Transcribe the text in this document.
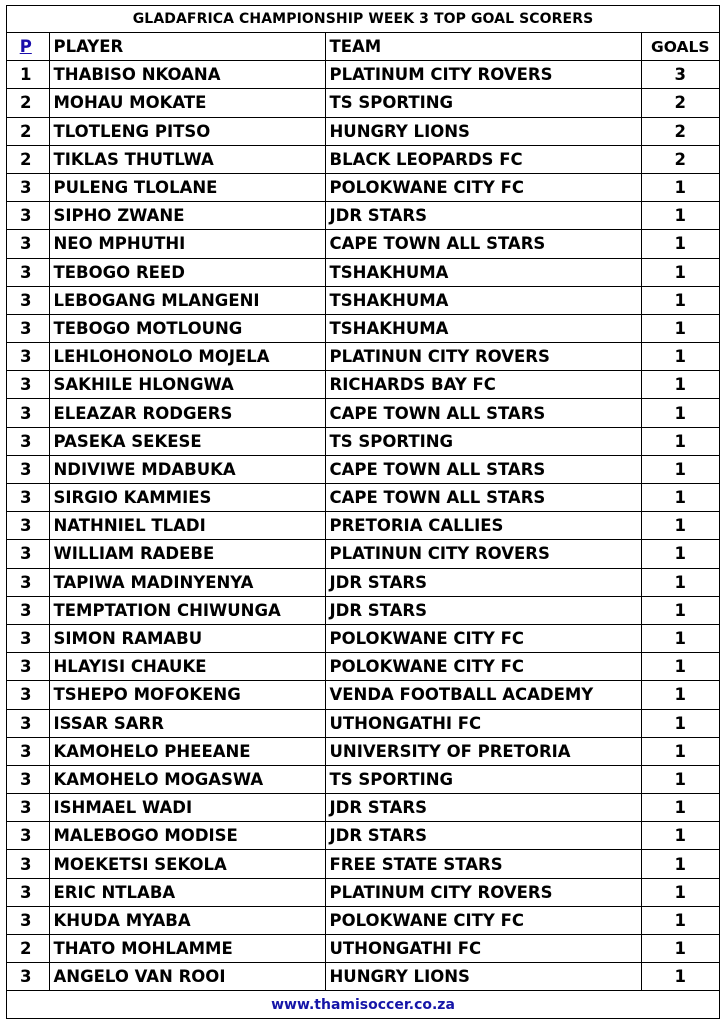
GLADAFRICA CHAMPIONSHIP WEEK 3 TOP GOAL SCORERS
P	PLAYER	TEAM	GOALS
1	THABISO NKOANA	PLATINUM CITY ROVERS	3
2	MOHAU MOKATE	TS SPORTING	2
2	TLOTLENG PITSO	HUNGRY LIONS	2
2	TIKLAS THUTLWA	BLACK LEOPARDS FC	2
3	PULENG TLOLANE	POLOKWANE CITY FC	1
3	SIPHO ZWANE	JDR STARS	1
3	NEO MPHUTHI	CAPE TOWN ALL STARS	1
3	TEBOGO REED	TSHAKHUMA	1
3	LEBOGANG MLANGENI	TSHAKHUMA	1
3	TEBOGO MOTLOUNG	TSHAKHUMA	1
3	LEHLOHONOLO MOJELA	PLATINUN CITY ROVERS	1
3	SAKHILE HLONGWA	RICHARDS BAY FC	1
3	ELEAZAR RODGERS	CAPE TOWN ALL STARS	1
3	PASEKA SEKESE	TS SPORTING	1
3	NDIVIWE MDABUKA	CAPE TOWN ALL STARS	1
3	SIRGIO KAMMIES	CAPE TOWN ALL STARS	1
3	NATHNIEL TLADI	PRETORIA CALLIES	1
3	WILLIAM RADEBE	PLATINUN CITY ROVERS	1
3	TAPIWA MADINYENYA	JDR STARS	1
3	TEMPTATION CHIWUNGA	JDR STARS	1
3	SIMON RAMABU	POLOKWANE CITY FC	1
3	HLAYISI CHAUKE	POLOKWANE CITY FC	1
3	TSHEPO MOFOKENG	VENDA FOOTBALL ACADEMY	1
3	ISSAR SARR	UTHONGATHI FC	1
3	KAMOHELO PHEEANE	UNIVERSITY OF PRETORIA	1
3	KAMOHELO MOGASWA	TS SPORTING	1
3	ISHMAEL WADI	JDR STARS	1
3	MALEBOGO MODISE	JDR STARS	1
3	MOEKETSI SEKOLA	FREE STATE STARS	1
3	ERIC NTLABA	PLATINUM CITY ROVERS	1
3	KHUDA MYABA	POLOKWANE CITY FC	1
2	THATO MOHLAMME	UTHONGATHI FC	1
3	ANGELO VAN ROOI	HUNGRY LIONS	1
www.thamisoccer.co.za
